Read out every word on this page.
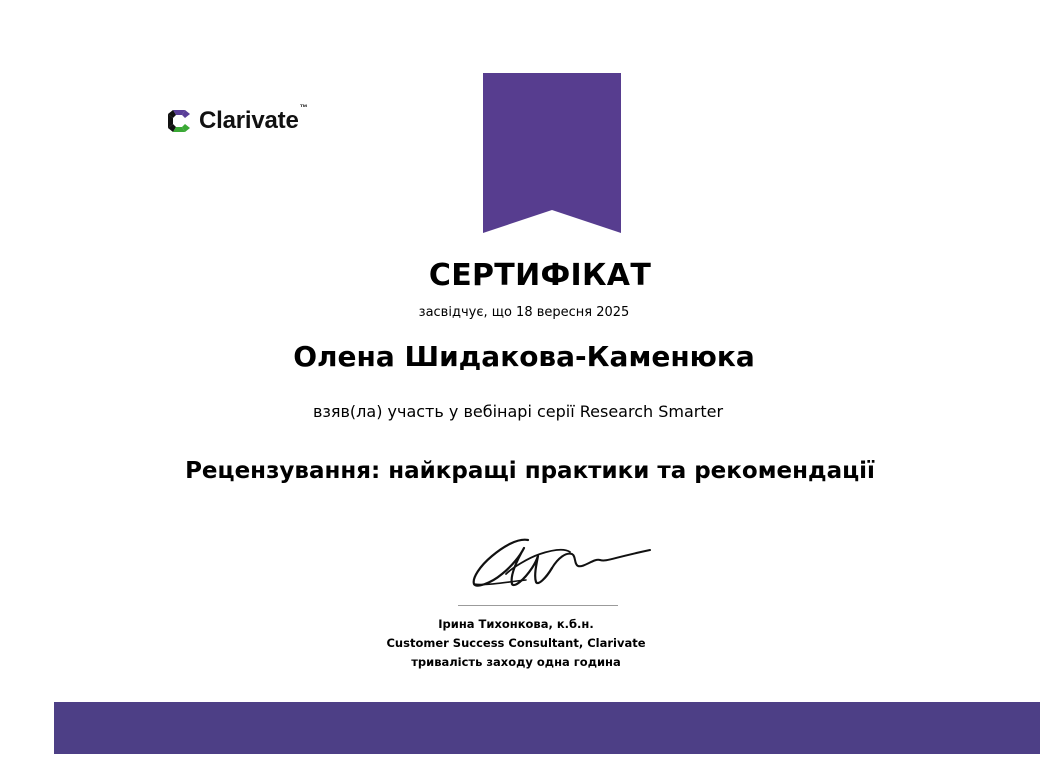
Clarivate™
СЕРТИФІКАТ
засвідчує, що 18 вересня 2025
Олена Шидакова-Каменюка
взяв(ла) участь у вебінарі серії Research Smarter
Рецензування: найкращі практики та рекомендації
Ірина Тихонкова, к.б.н.
Customer Success Consultant, Clarivate
тривалість заходу одна година
